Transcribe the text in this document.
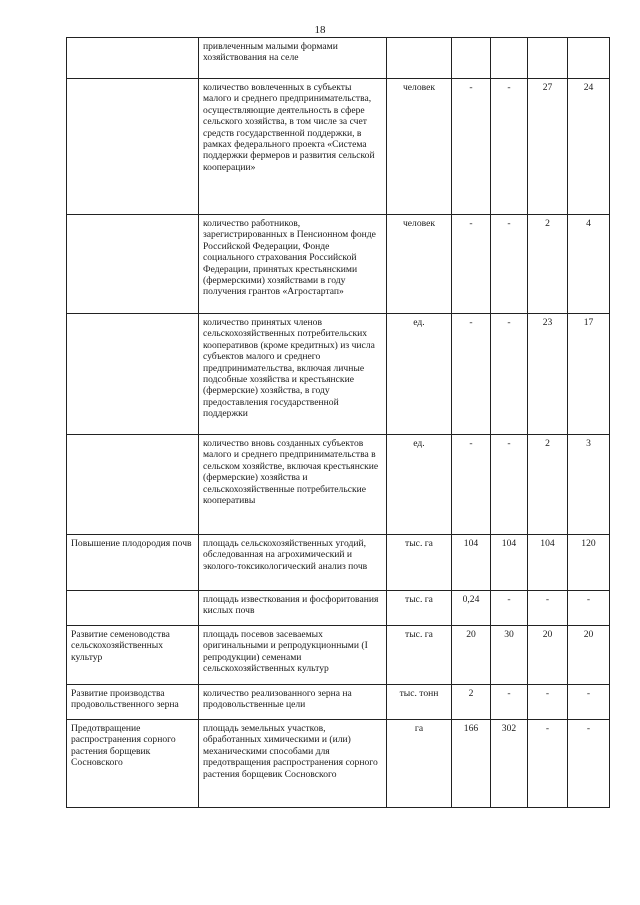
18
	привлеченным малыми формами хозяйствования на селе					
	количество вовлеченных в субъекты малого и среднего предпринимательства, осуществляющие деятельность в сфере сельского хозяйства, в том числе за счет средств государственной поддержки, в рамках федерального проекта «Система поддержки фермеров и развития сельской кооперации»	человек	-	-	27	24
	количество работников, зарегистрированных в Пенсионном фонде Российской Федерации, Фонде социального страхования Российской Федерации, принятых крестьянскими (фермерскими) хозяйствами в году получения грантов «Агростартап»	человек	-	-	2	4
	количество принятых членов сельскохозяйственных потребительских кооперативов (кроме кредитных) из числа субъектов малого и среднего предпринимательства, включая личные подсобные хозяйства и крестьянские (фермерские) хозяйства, в году предоставления государственной поддержки	ед.	-	-	23	17
	количество вновь созданных субъектов малого и среднего предпринимательства в сельском хозяйстве, включая крестьянские (фермерские) хозяйства и сельскохозяйственные потребительские кооперативы	ед.	-	-	2	3
Повышение плодородия почв	площадь сельскохозяйственных угодий, обследованная на агрохимический и эколого-токсикологический анализ почв	тыс. га	104	104	104	120
	площадь известкования и фосфоритования кислых почв	тыс. га	0,24	-	-	-
Развитие семеноводства сельскохозяйственных культур	площадь посевов засеваемых оригинальными и репродукционными (I репродукции) семенами сельскохозяйственных культур	тыс. га	20	30	20	20
Развитие производства продовольственного зерна	количество реализованного зерна на продовольственные цели	тыс. тонн	2	-	-	-
Предотвращение распространения сорного растения борщевик Сосновского	площадь земельных участков, обработанных химическими и (или) механическими способами для предотвращения распространения сорного растения борщевик Сосновского	га	166	302	-	-
